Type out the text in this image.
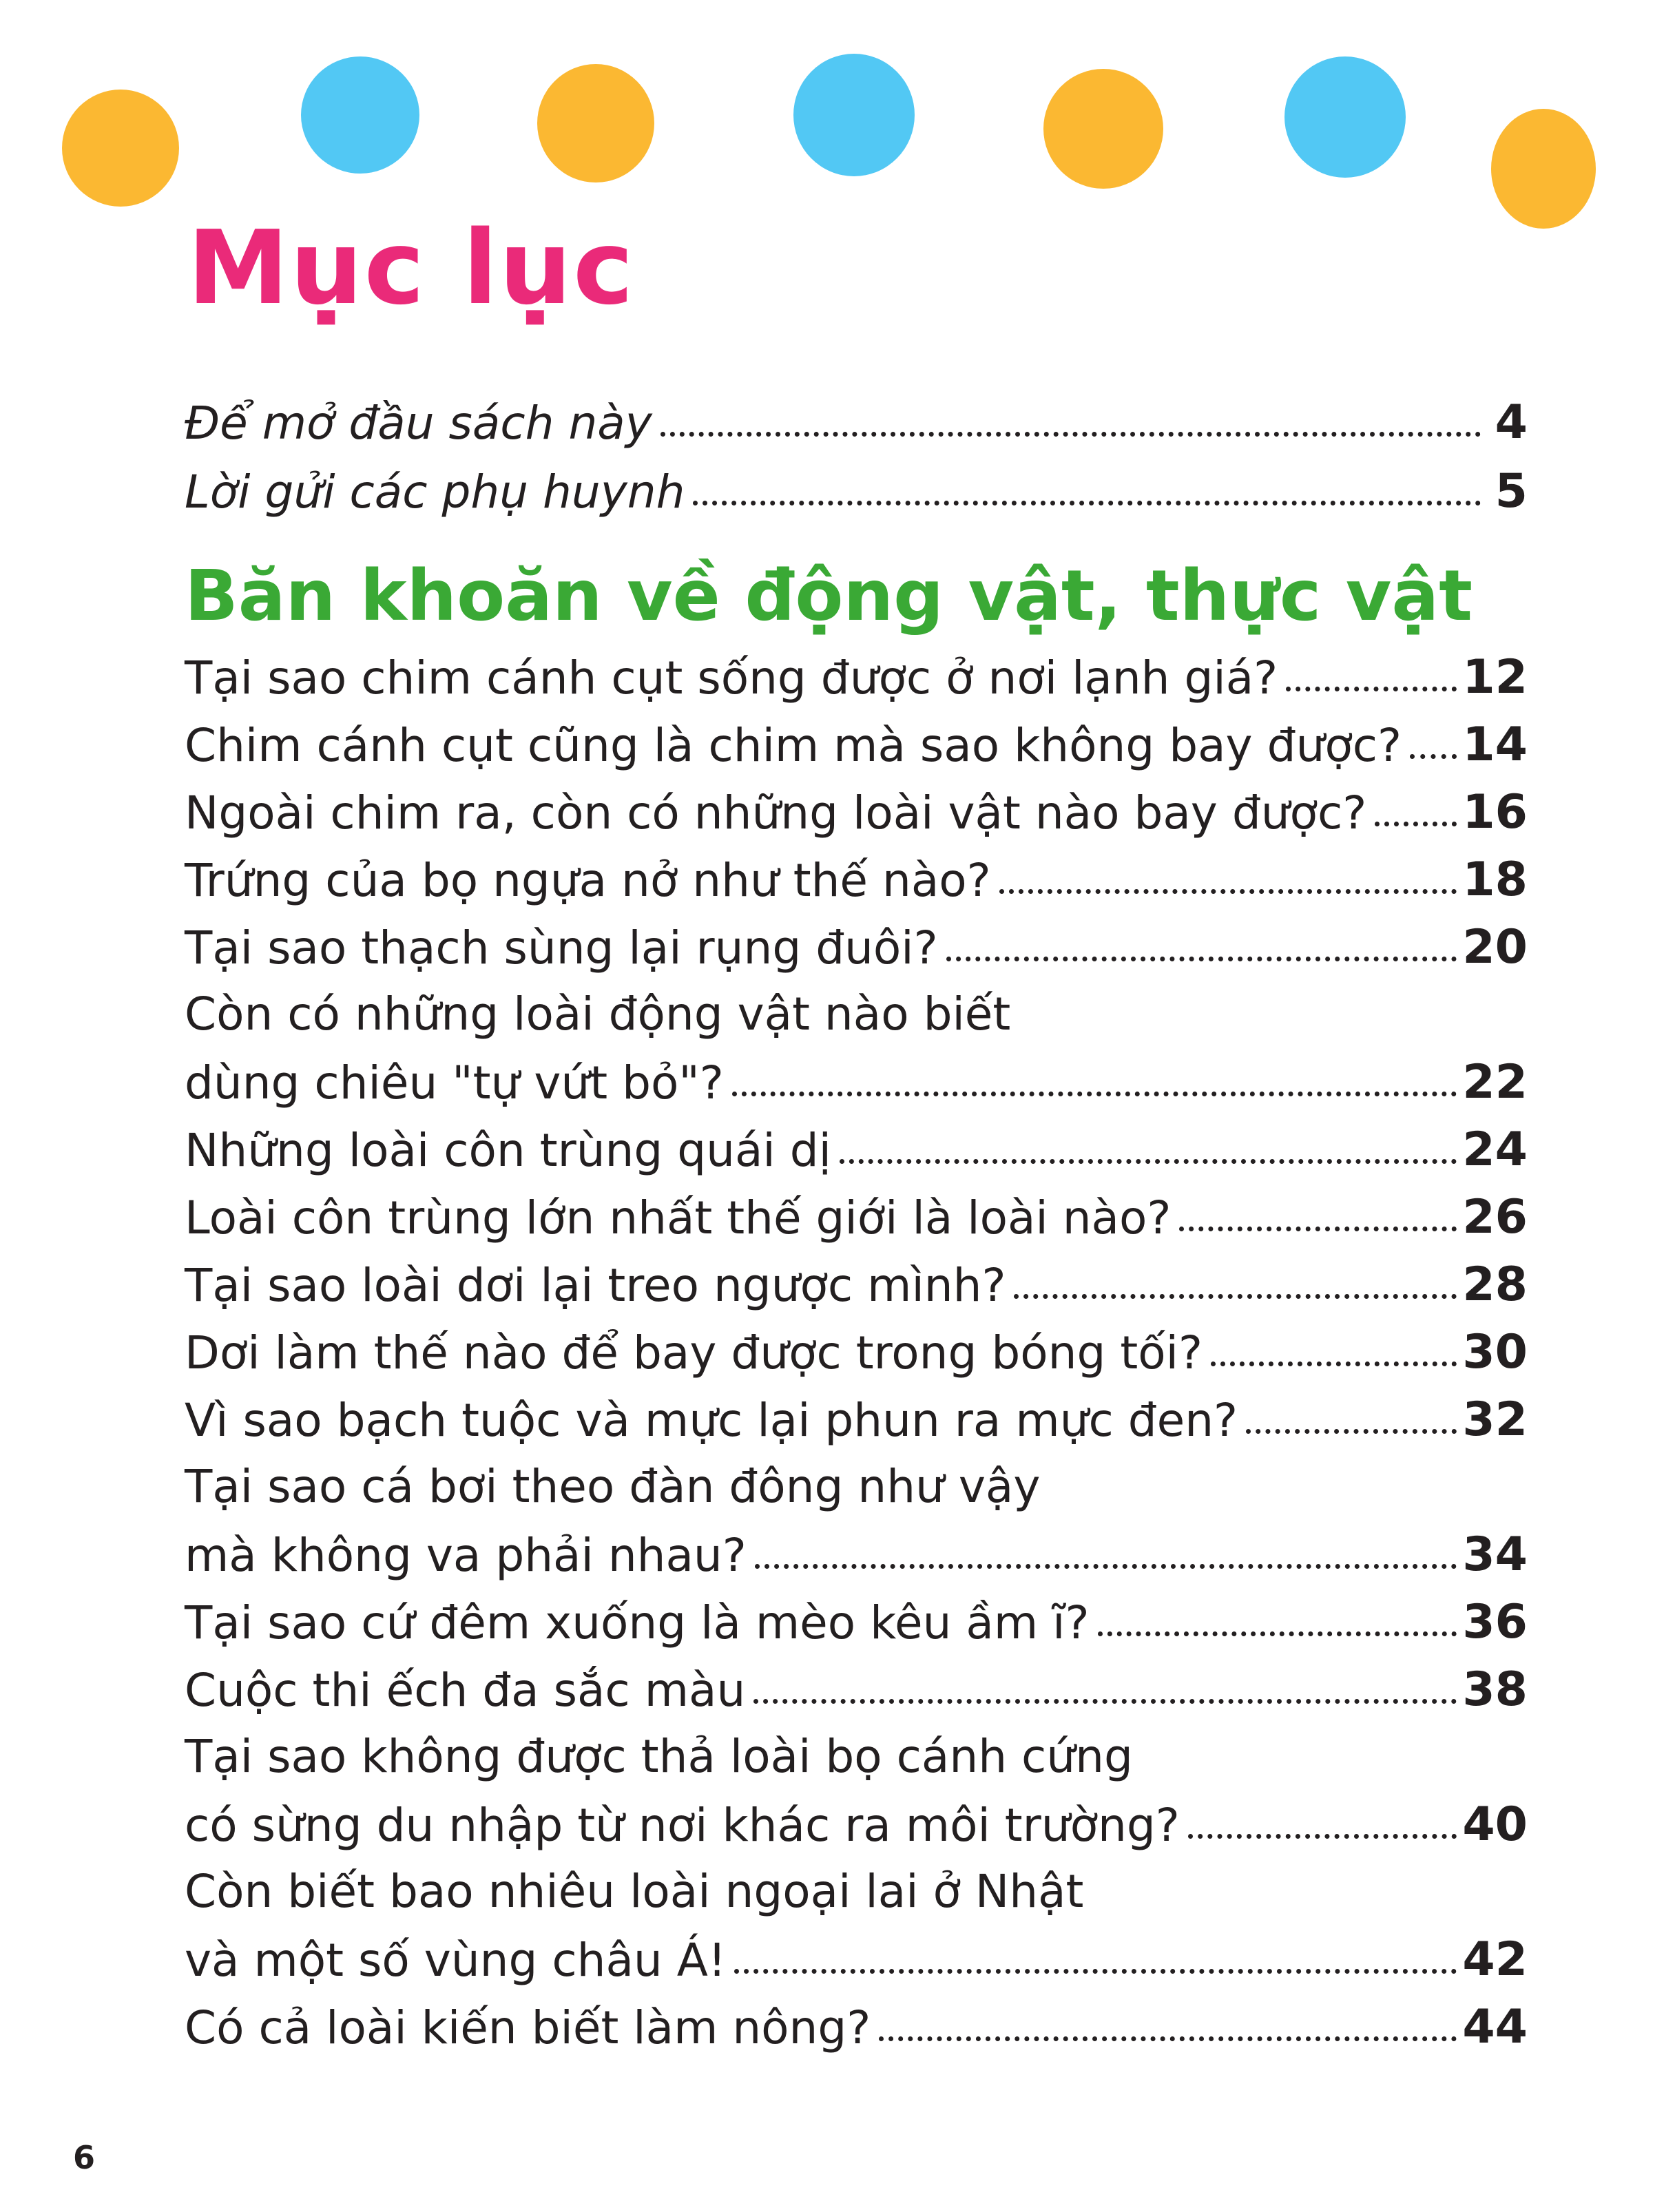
Mục lục
Để mở đầu sách này	4
Lời gửi các phụ huynh	5
Băn khoăn về động vật, thực vật
Tại sao chim cánh cụt sống được ở nơi lạnh giá?	12
Chim cánh cụt cũng là chim mà sao không bay được? 14
Ngoài chim ra, còn có những loài vật nào bay được? 16
Trứng của bọ ngựa nở như thế nào?	18
Tại sao thạch sùng lại rụng đuôi?	20
Còn có những loài động vật nào biết
dùng chiêu "tự vứt bỏ"?	22
Những loài côn trùng quái dị	24
Loài côn trùng lớn nhất thế giới là loài nào?	26
Tại sao loài dơi lại treo ngược mình?	28
Dơi làm thế nào để bay được trong bóng tối?	30
Vì sao bạch tuộc và mực lại phun ra mực đen?	32
Tại sao cá bơi theo đàn đông như vậy
mà không va phải nhau?	34
Tại sao cứ đêm xuống là mèo kêu ầm ĩ?	36
Cuộc thi ếch đa sắc màu	38
Tại sao không được thả loài bọ cánh cứng
có sừng du nhập từ nơi khác ra môi trường?	40
Còn biết bao nhiêu loài ngoại lai ở Nhật
và một số vùng châu Á!	42
Có cả loài kiến biết làm nông?	44
6
